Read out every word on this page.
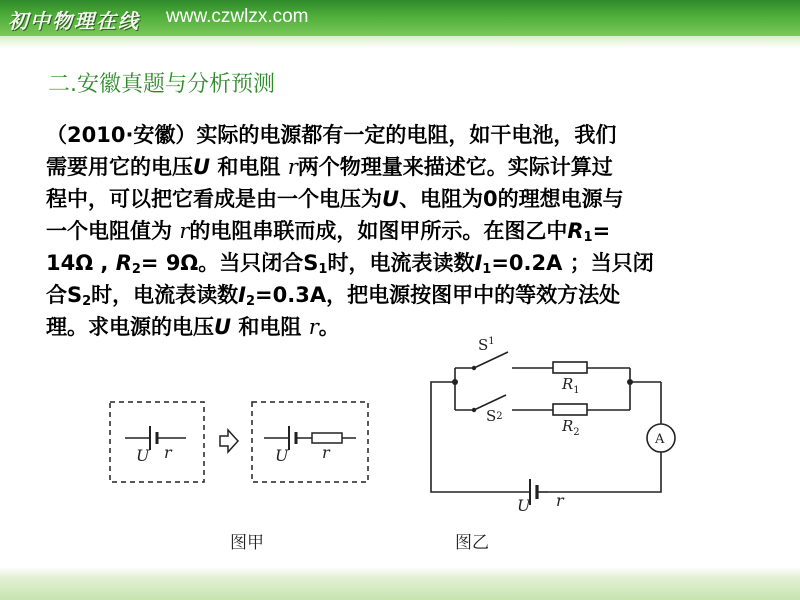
初中物理在线 www.czwlzx.com
二.安徽真题与分析预测
（2010·安徽）实际的电源都有一定的电阻，如干电池，我们
需要用它的电压U 和电阻 r两个物理量来描述它。实际计算过
程中，可以把它看成是由一个电压为U、电阻为0的理想电源与
一个电阻值为 r的电阻串联而成，如图甲所示。在图乙中$R_1=$
14Ω , $R_2= 9\Omega$。当只闭合$S_1$时，电流表读数$I_1=0.2A$ ；当只闭
合$S_2$时，电流表读数$I_2=0.3A$，把电源按图甲中的等效方法处
理。求电源的电压U 和电阻 r。
U r	U r
图甲
$S^1$
S2
$R_1$
$R_2$	A
U r
图乙
